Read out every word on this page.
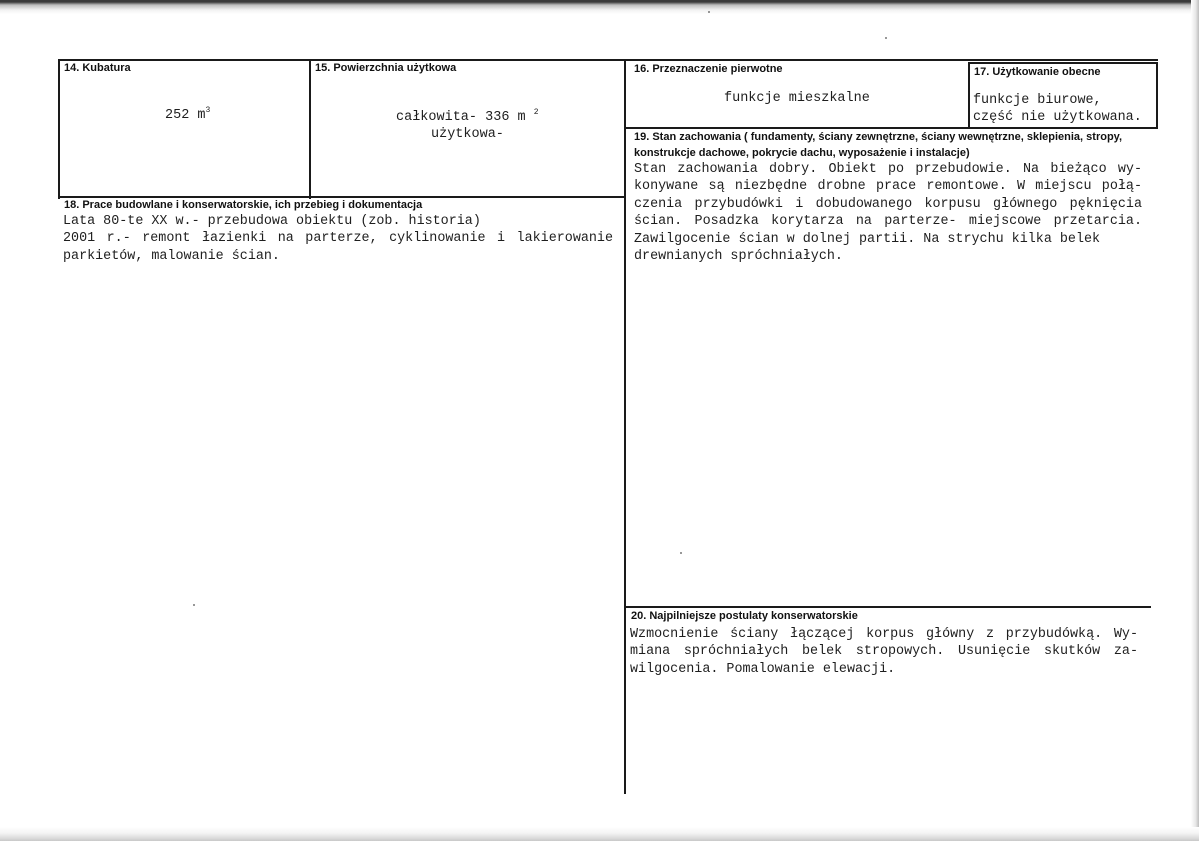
14. Kubatura
252 $m^3$
15. Powierzchnia użytkowa
całkowita- 336 m $^2$
użytkowa-
16. Przeznaczenie pierwotne
funkcje mieszkalne
17. Użytkowanie obecne
funkcje biurowe,
część nie użytkowana.
19. Stan zachowania ( fundamenty, ściany zewnętrzne, ściany wewnętrzne, sklepienia, stropy,
konstrukcje dachowe, pokrycie dachu, wyposażenie i instalacje)
Stan zachowania dobry. Obiekt po przebudowie. Na bieżąco wy-
konywane są niezbędne drobne prace remontowe. W miejscu połą-
czenia przybudówki i dobudowanego korpusu głównego pęknięcia
ścian. Posadzka korytarza na parterze- miejscowe przetarcia.
Zawilgocenie ścian w dolnej partii. Na strychu kilka belek
drewnianych spróchniałych.
18. Prace budowlane i konserwatorskie, ich przebieg i dokumentacja
Lata 80-te XX w.- przebudowa obiektu (zob. historia)
2001 r.- remont łazienki na parterze, cyklinowanie i lakierowanie
parkietów, malowanie ścian.
20. Najpilniejsze postulaty konserwatorskie
Wzmocnienie ściany łączącej korpus główny z przybudówką. Wy-
miana spróchniałych belek stropowych. Usunięcie skutków za-
wilgocenia. Pomalowanie elewacji.
